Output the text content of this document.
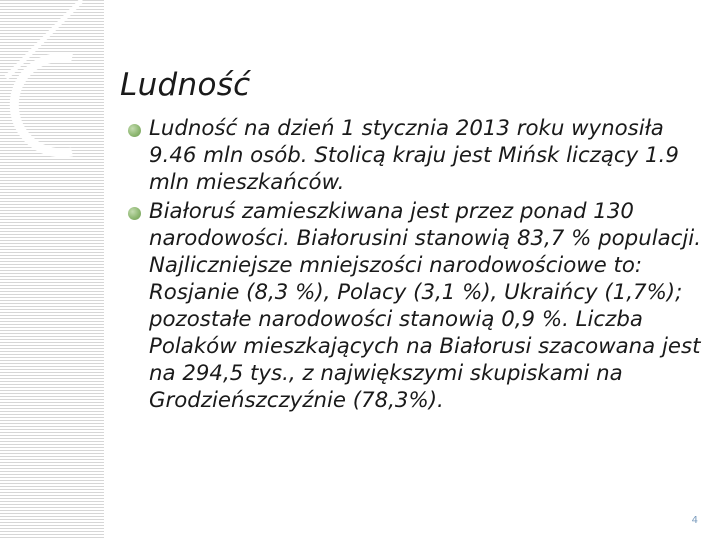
Ludność
Ludność na dzień 1 stycznia 2013 roku wynosiła 9.46 mln osób. Stolicą kraju jest Mińsk liczący 1.9 mln mieszkańców.
Białoruś zamieszkiwana jest przez ponad 130 narodowości. Białorusini stanowią 83,7 % populacji. Najliczniejsze mniejszości narodowościowe to: Rosjanie (8,3 %), Polacy (3,1 %), Ukraińcy (1,7%); pozostałe narodowości stanowią 0,9 %. Liczba Polaków mieszkających na Białorusi szacowana jest na 294,5 tys., z największymi skupiskami na Grodzieńszczyźnie (78,3%).
4
